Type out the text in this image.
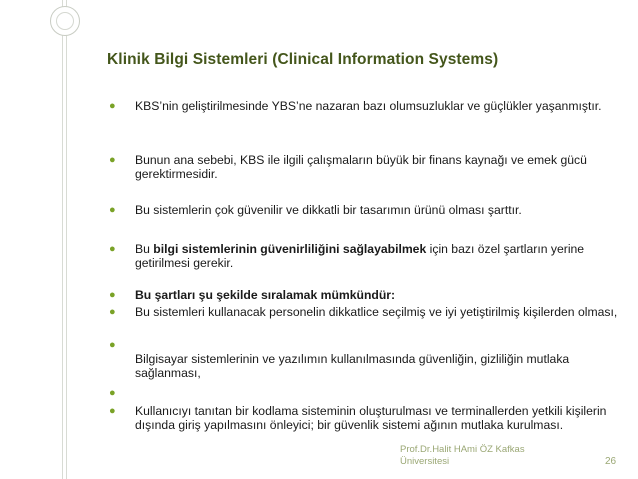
Klinik Bilgi Sistemleri (Clinical Information Systems)
● KBS’nin geliştirilmesinde YBS’ne nazaran bazı olumsuzluklar ve güçlükler yaşanmıştır.
● Bunun ana sebebi, KBS ile ilgili çalışmaların büyük bir finans kaynağı ve emek gücü gerektirmesidir.
● Bu sistemlerin çok güvenilir ve dikkatli bir tasarımın ürünü olması şarttır.
● Bu bilgi sistemlerinin güvenirliliğini sağlayabilmek için bazı özel şartların yerine getirilmesi gerekir.
● Bu şartları şu şekilde sıralamak mümkündür:
● Bu sistemleri kullanacak personelin dikkatlice seçilmiş ve iyi yetiştirilmiş kişilerden olması,
●
Bilgisayar sistemlerinin ve yazılımın kullanılmasında güvenliğin, gizliliğin mutlaka sağlanması,
●
● Kullanıcıyı tanıtan bir kodlama sisteminin oluşturulması ve terminallerden yetkili kişilerin dışında giriş yapılmasını önleyici; bir güvenlik sistemi ağının mutlaka kurulması.
Prof.Dr.Halit HAmi ÖZ Kafkas
Üniversitesi	26
